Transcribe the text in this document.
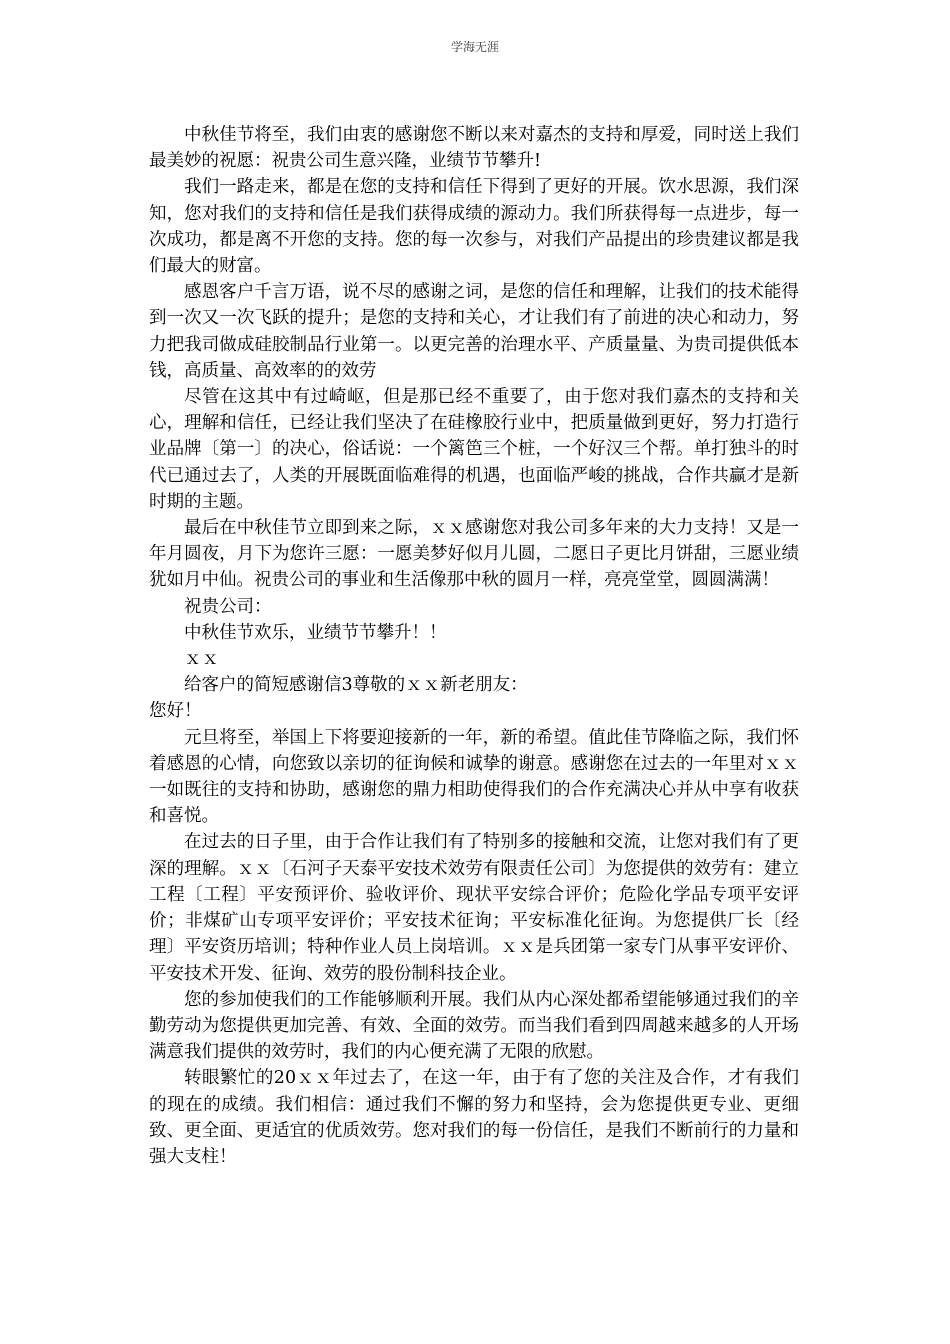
学海无涯

中秋佳节将至，我们由衷的感谢您不断以来对嘉杰的支持和厚爱，同时送上我们最美妙的祝愿：祝贵公司生意兴隆，业绩节节攀升!

我们一路走来，都是在您的支持和信任下得到了更好的开展。饮水思源，我们深知，您对我们的支持和信任是我们获得成绩的源动力。我们所获得每一点进步，每一次成功，都是离不开您的支持。您的每一次参与，对我们产品提出的珍贵建议都是我们最大的财富。

感恩客户千言万语，说不尽的感谢之词，是您的信任和理解，让我们的技术能得到一次又一次飞跃的提升；是您的支持和关心，才让我们有了前进的决心和动力，努力把我司做成硅胶制品行业第一。以更完善的治理水平、产质量量、为贵司提供低本钱，高质量、高效率的的效劳

尽管在这其中有过崎岖，但是那已经不重要了，由于您对我们嘉杰的支持和关心，理解和信任，已经让我们坚决了在硅橡胶行业中，把质量做到更好，努力打造行业品牌〔第一〕的决心，俗话说：一个篱笆三个桩，一个好汉三个帮。单打独斗的时代已通过去了，人类的开展既面临难得的机遇，也面临严峻的挑战，合作共赢才是新时期的主题。

最后在中秋佳节立即到来之际，ｘｘ感谢您对我公司多年来的大力支持！又是一年月圆夜，月下为您许三愿：一愿美梦好似月儿圆，二愿日子更比月饼甜，三愿业绩犹如月中仙。祝贵公司的事业和生活像那中秋的圆月一样，亮亮堂堂，圆圆满满！

祝贵公司：

中秋佳节欢乐，业绩节节攀升！！

ｘｘ

给客户的简短感谢信3尊敬的ｘｘ新老朋友：

您好！

元旦将至，举国上下将要迎接新的一年，新的希望。值此佳节降临之际，我们怀着感恩的心情，向您致以亲切的征询候和诚挚的谢意。感谢您在过去的一年里对ｘｘ一如既往的支持和协助，感谢您的鼎力相助使得我们的合作充满决心并从中享有收获和喜悦。

在过去的日子里，由于合作让我们有了特别多的接触和交流，让您对我们有了更深的理解。ｘｘ〔石河子天泰平安技术效劳有限责任公司〕为您提供的效劳有：建立工程〔工程〕平安预评价、验收评价、现状平安综合评价；危险化学品专项平安评价；非煤矿山专项平安评价；平安技术征询；平安标准化征询。为您提供厂长〔经理〕平安资历培训；特种作业人员上岗培训。ｘｘ是兵团第一家专门从事平安评价、平安技术开发、征询、效劳的股份制科技企业。

您的参加使我们的工作能够顺利开展。我们从内心深处都希望能够通过我们的辛勤劳动为您提供更加完善、有效、全面的效劳。而当我们看到四周越来越多的人开场满意我们提供的效劳时，我们的内心便充满了无限的欣慰。

转眼繁忙的20ｘｘ年过去了，在这一年，由于有了您的关注及合作，才有我们的现在的成绩。我们相信：通过我们不懈的努力和坚持，会为您提供更专业、更细致、更全面、更适宜的优质效劳。您对我们的每一份信任，是我们不断前行的力量和强大支柱！
